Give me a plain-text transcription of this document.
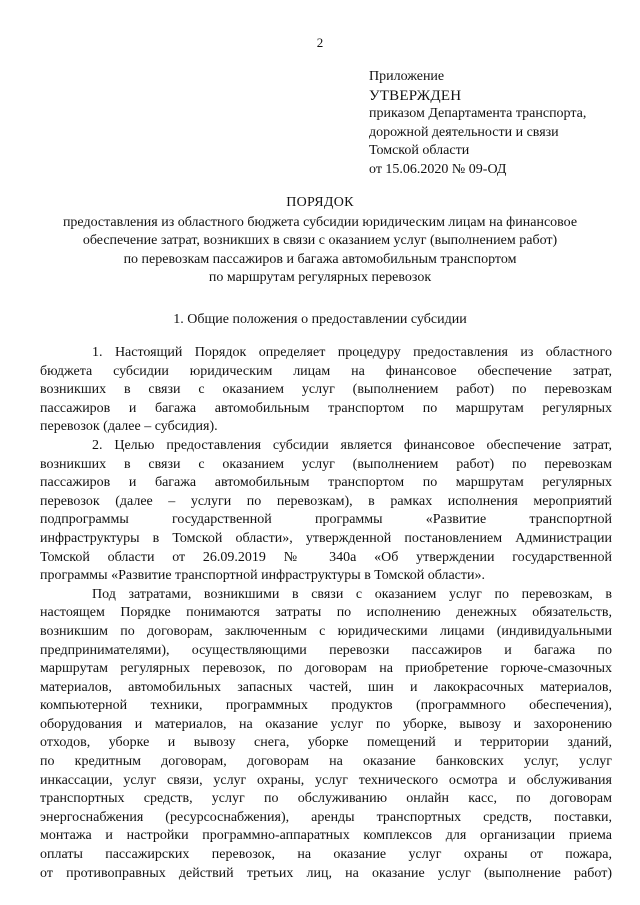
2
Приложение
УТВЕРЖДЕН
приказом Департамента транспорта,
дорожной деятельности и связи
Томской области
от 15.06.2020 № 09-ОД
ПОРЯДОК
предоставления из областного бюджета субсидии юридическим лицам на финансовое
обеспечение затрат, возникших в связи с оказанием услуг (выполнением работ)
по перевозкам пассажиров и багажа автомобильным транспортом
по маршрутам регулярных перевозок
1. Общие положения о предоставлении субсидии
1. Настоящий Порядок определяет процедуру предоставления из областного
бюджета субсидии юридическим лицам на финансовое обеспечение затрат,
возникших в связи с оказанием услуг (выполнением работ) по перевозкам
пассажиров и багажа автомобильным транспортом по маршрутам регулярных
перевозок (далее – субсидия).
2. Целью предоставления субсидии является финансовое обеспечение затрат,
возникших в связи с оказанием услуг (выполнением работ) по перевозкам
пассажиров и багажа автомобильным транспортом по маршрутам регулярных
перевозок (далее – услуги по перевозкам), в рамках исполнения мероприятий
подпрограммы государственной программы «Развитие транспортной
инфраструктуры в Томской области», утвержденной постановлением Администрации
Томской области от 26.09.2019 № 340а «Об утверждении государственной
программы «Развитие транспортной инфраструктуры в Томской области».
Под затратами, возникшими в связи с оказанием услуг по перевозкам, в
настоящем Порядке понимаются затраты по исполнению денежных обязательств,
возникшим по договорам, заключенным с юридическими лицами (индивидуальными
предпринимателями), осуществляющими перевозки пассажиров и багажа по
маршрутам регулярных перевозок, по договорам на приобретение горюче-смазочных
материалов, автомобильных запасных частей, шин и лакокрасочных материалов,
компьютерной техники, программных продуктов (программного обеспечения),
оборудования и материалов, на оказание услуг по уборке, вывозу и захоронению
отходов, уборке и вывозу снега, уборке помещений и территории зданий,
по кредитным договорам, договорам на оказание банковских услуг, услуг
инкассации, услуг связи, услуг охраны, услуг технического осмотра и обслуживания
транспортных средств, услуг по обслуживанию онлайн касс, по договорам
энергоснабжения (ресурсоснабжения), аренды транспортных средств, поставки,
монтажа и настройки программно-аппаратных комплексов для организации приема
оплаты пассажирских перевозок, на оказание услуг охраны от пожара,
от противоправных действий третьих лиц, на оказание услуг (выполнение работ)
